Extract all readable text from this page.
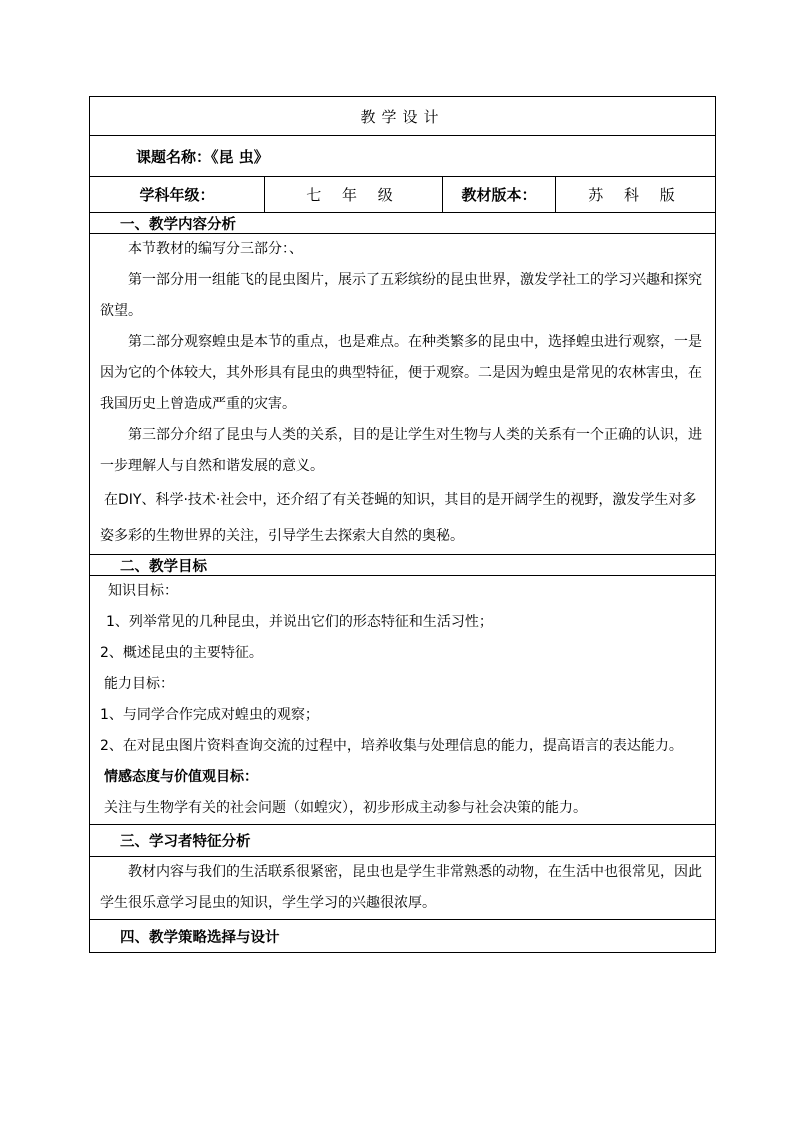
教学设计
课题名称：《昆 虫》
学科年级：	七 年 级	教材版本：	苏 科 版
一、教学内容分析

本节教材的编写分三部分：、

第一部分用一组能飞的昆虫图片，展示了五彩缤纷的昆虫世界，激发学社工的学习兴趣和探究欲望。

第二部分观察蝗虫是本节的重点，也是难点。在种类繁多的昆虫中，选择蝗虫进行观察，一是因为它的个体较大，其外形具有昆虫的典型特征，便于观察。二是因为蝗虫是常见的农林害虫，在我国历史上曾造成严重的灾害。

第三部分介绍了昆虫与人类的关系，目的是让学生对生物与人类的关系有一个正确的认识，进一步理解人与自然和谐发展的意义。

在DIY、科学·技术·社会中，还介绍了有关苍蝇的知识，其目的是开阔学生的视野，激发学生对多姿多彩的生物世界的关注，引导学生去探索大自然的奥秘。

二、教学目标

知识目标：

1、列举常见的几种昆虫，并说出它们的形态特征和生活习性；

2、概述昆虫的主要特征。

能力目标：

1、与同学合作完成对蝗虫的观察；

2、在对昆虫图片资料查询交流的过程中，培养收集与处理信息的能力，提高语言的表达能力。

情感态度与价值观目标：

关注与生物学有关的社会问题（如蝗灾），初步形成主动参与社会决策的能力。

三、学习者特征分析

教材内容与我们的生活联系很紧密，昆虫也是学生非常熟悉的动物，在生活中也很常见，因此学生很乐意学习昆虫的知识，学生学习的兴趣很浓厚。

四、教学策略选择与设计
